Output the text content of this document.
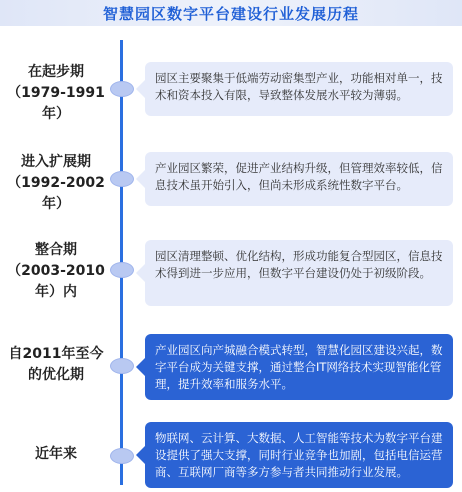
智慧园区数字平台建设行业发展历程
在起步期（1979-1991年）
园区主要聚集于低端劳动密集型产业，功能相对单一，技术和资本投入有限，导致整体发展水平较为薄弱。
进入扩展期（1992-2002年）
产业园区繁荣，促进产业结构升级，但管理效率较低，信息技术虽开始引入，但尚未形成系统性数字平台。
整合期（2003-2010年）内
园区清理整顿、优化结构，形成功能复合型园区，信息技术得到进一步应用，但数字平台建设仍处于初级阶段。
自2011年至今的优化期
产业园区向产城融合模式转型，智慧化园区建设兴起，数字平台成为关键支撑，通过整合IT网络技术实现智能化管理，提升效率和服务水平。
近年来
物联网、云计算、大数据、人工智能等技术为数字平台建设提供了强大支撑，同时行业竞争也加剧，包括电信运营商、互联网厂商等多方参与者共同推动行业发展。
